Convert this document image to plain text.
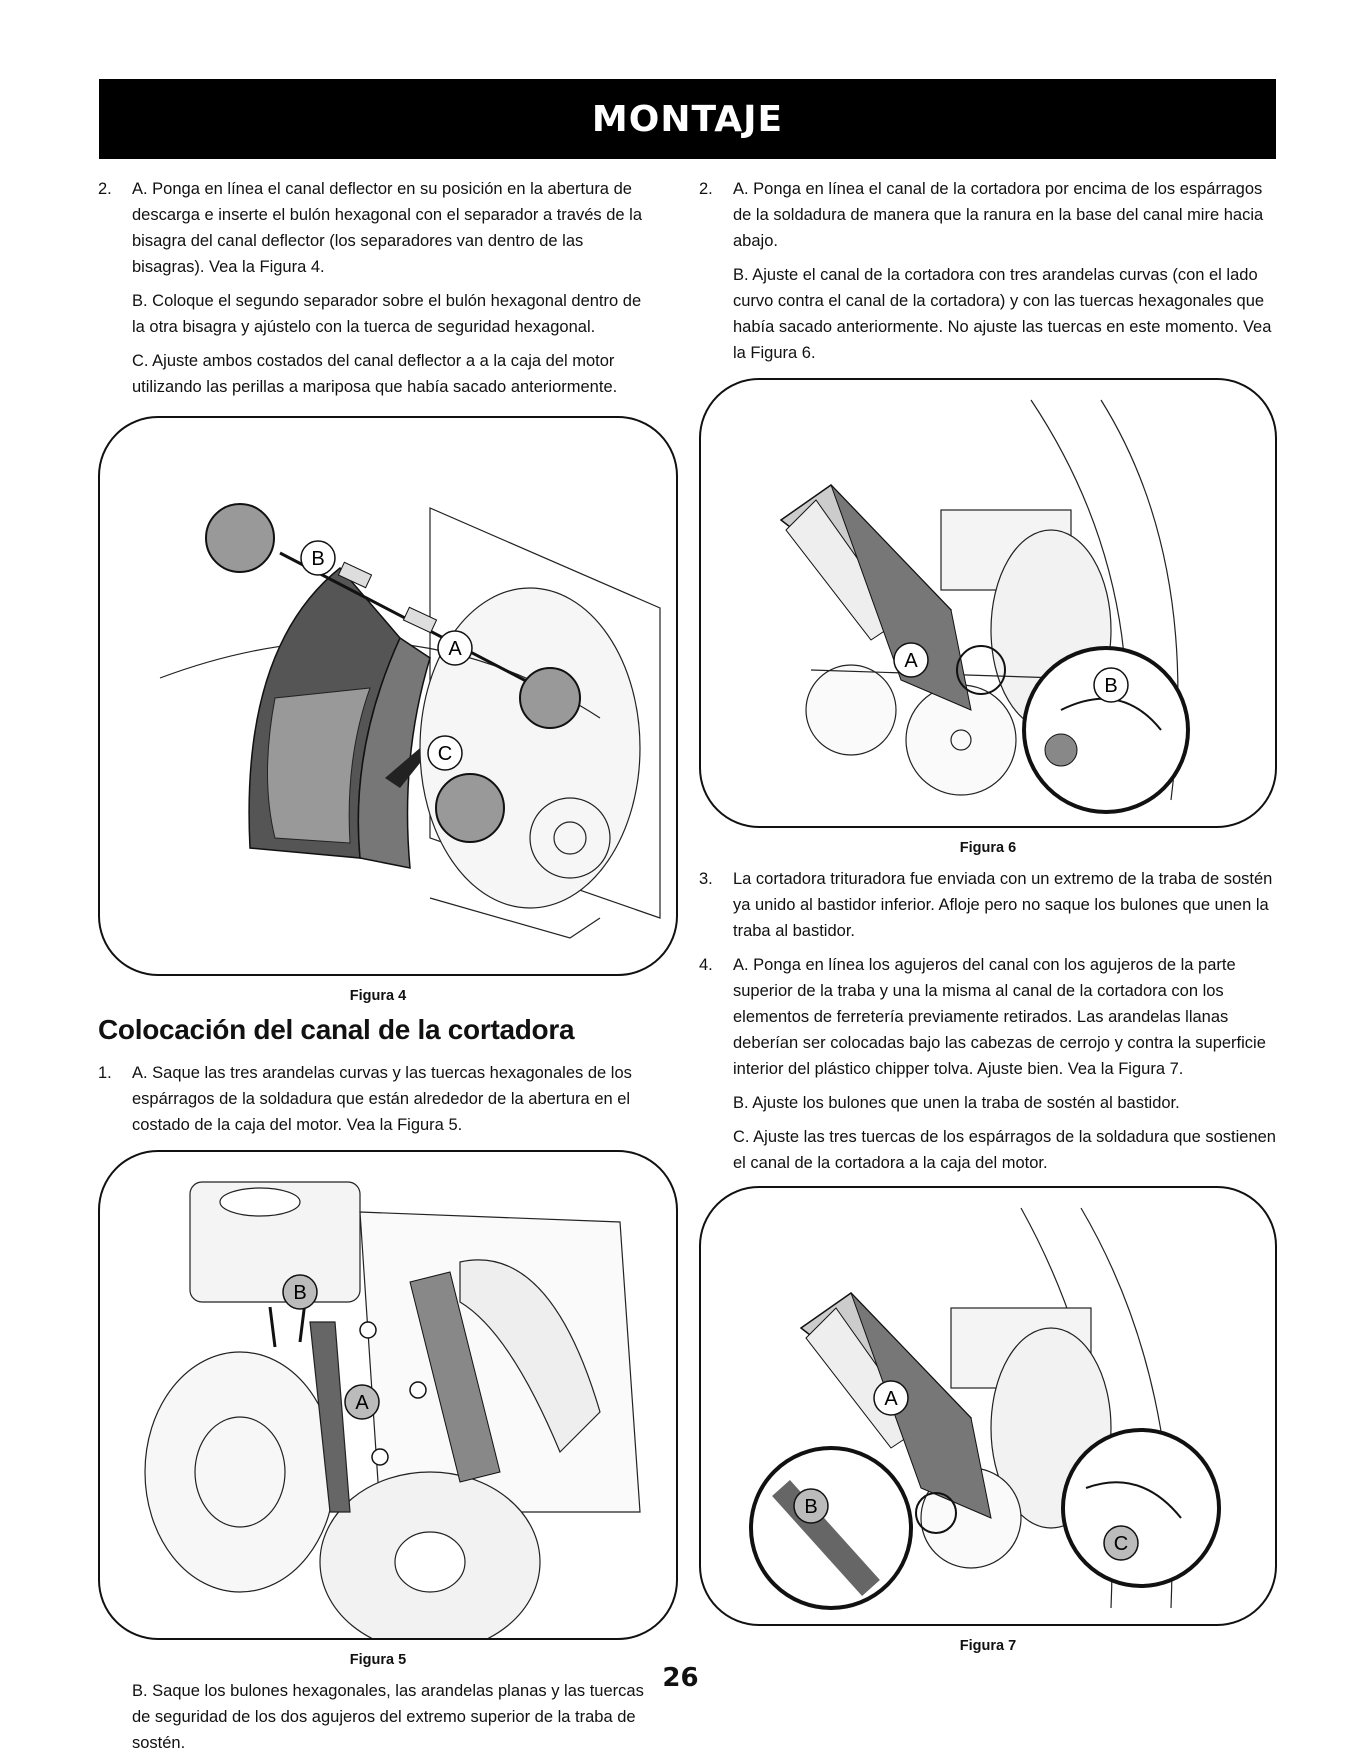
MONTAJE
2.	A. Ponga en línea el canal deflector en su posición en la abertura de descarga e inserte el bulón hexagonal con el separador a través de la bisagra del canal deflector (los separadores van dentro de las bisagras). Vea la Figura 4.

B. Coloque el segundo separador sobre el bulón hexagonal dentro de la otra bisagra y ajústelo con la tuerca de seguridad hexagonal.

C. Ajuste ambos costados del canal deflector a a la caja del motor utilizando las perillas a mariposa que había sacado anteriormente.

B
A
C
Figura 4
Colocación del canal de la cortadora
1.	A. Saque las tres arandelas curvas y las tuercas hexagonales de los espárragos de la soldadura que están alrededor de la abertura en el costado de la caja del motor. Vea la Figura 5.

B
A
Figura 5

B. Saque los bulones hexagonales, las arandelas planas y las tuercas de seguridad de los dos agujeros del extremo superior de la traba de sostén.

2.	A. Ponga en línea el canal de la cortadora por encima de los espárragos de la soldadura de manera que la ranura en la base del canal mire hacia abajo.

B. Ajuste el canal de la cortadora con tres arandelas curvas (con el lado curvo contra el canal de la cortadora) y con las tuercas hexagonales que había sacado anteriormente. No ajuste las tuercas en este momento. Vea la Figura 6.

A
B
Figura 6
3.	La cortadora trituradora fue enviada con un extremo de la traba de sostén ya unido al bastidor inferior. Afloje pero no saque los bulones que unen la traba al bastidor.

4.	A. Ponga en línea los agujeros del canal con los agujeros de la parte superior de la traba y una la misma al canal de la cortadora con los elementos de ferretería previamente retirados. Las arandelas llanas deberían ser colocadas bajo las cabezas de cerrojo y contra la superficie interior del plástico chipper tolva. Ajuste bien. Vea la Figura 7.

B. Ajuste los bulones que unen la traba de sostén al bastidor.

C. Ajuste las tres tuercas de los espárragos de la soldadura que sostienen el canal de la cortadora a la caja del motor.

A
B
C
Figura 7
26
